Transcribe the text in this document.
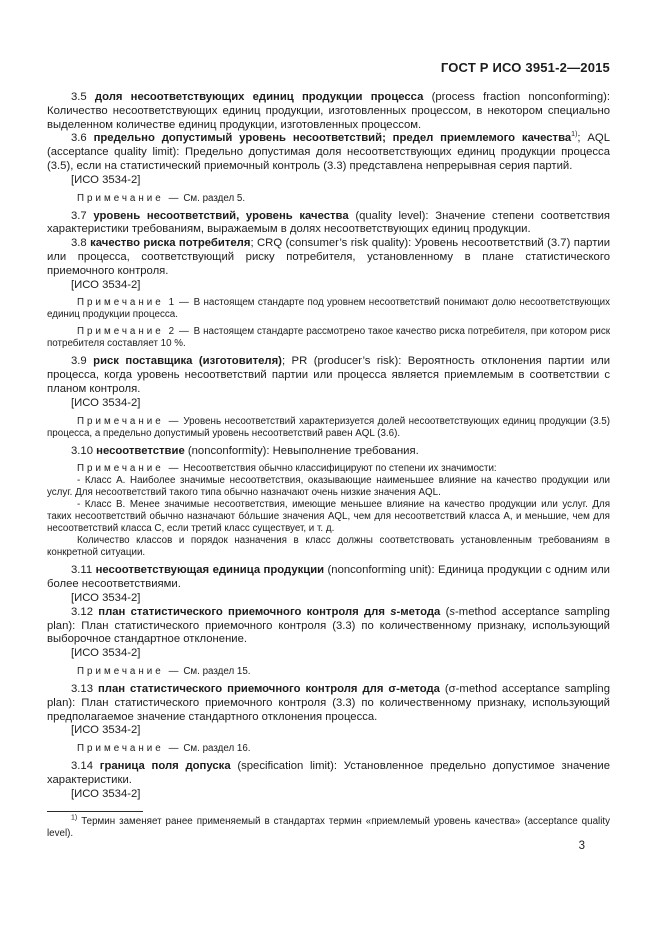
ГОСТ Р ИСО 3951-2—2015

3.5 доля несоответствующих единиц продукции процесса (process fraction nonconforming): Количество несоответствующих единиц продукции, изготовленных процессом, в некотором специально выделенном количестве единиц продукции, изготовленных процессом.

3.6 предельно допустимый уровень несоответствий; предел приемлемого качества$^{1)}$; AQL (acceptance quality limit): Предельно допустимая доля несоответствующих единиц продукции процесса (3.5), если на статистический приемочный контроль (3.3) представлена непрерывная серия партий.

[ИСО 3534-2]

Примечание — См. раздел 5.

3.7 уровень несоответствий, уровень качества (quality level): Значение степени соответствия характеристики требованиям, выражаемым в долях несоответствующих единиц продукции.

3.8 качество риска потребителя; CRQ (consumer’s risk quality): Уровень несоответствий (3.7) партии или процесса, соответствующий риску потребителя, установленному в плане статистического приемочного контроля.

[ИСО 3534-2]

Примечание 1 — В настоящем стандарте под уровнем несоответствий понимают долю несоответствующих единиц продукции процесса.

Примечание 2 — В настоящем стандарте рассмотрено такое качество риска потребителя, при котором риск потребителя составляет 10 %.

3.9 риск поставщика (изготовителя); PR (producer’s risk): Вероятность отклонения партии или процесса, когда уровень несоответствий партии или процесса является приемлемым в соответствии с планом контроля.

[ИСО 3534-2]

Примечание — Уровень несоответствий характеризуется долей несоответствующих единиц продукции (3.5) процесса, а предельно допустимый уровень несоответствий равен AQL (3.6).

3.10 несоответствие (nonconformity): Невыполнение требования.

Примечание — Несоответствия обычно классифицируют по степени их значимости:

- Класс А. Наиболее значимые несоответствия, оказывающие наименьшее влияние на качество продукции или услуг. Для несоответствий такого типа обычно назначают очень низкие значения AQL.

- Класс В. Менее значимые несоответствия, имеющие меньшее влияние на качество продукции или услуг. Для таких несоответствий обычно назначают бо́льшие значения AQL, чем для несоответствий класса А, и меньшие, чем для несоответствий класса С, если третий класс существует, и т. д.

Количество классов и порядок назначения в класс должны соответствовать установленным требованиям в конкретной ситуации.

3.11 несоответствующая единица продукции (nonconforming unit): Единица продукции с одним или более несоответствиями.

[ИСО 3534-2]

3.12 план статистического приемочного контроля для s-метода (s-method acceptance sampling plan): План статистического приемочного контроля (3.3) по количественному признаку, использующий выборочное стандартное отклонение.

[ИСО 3534-2]

Примечание — См. раздел 15.

3.13 план статистического приемочного контроля для σ-метода (σ-method acceptance sampling plan): План статистического приемочного контроля (3.3) по количественному признаку, использующий предполагаемое значение стандартного отклонения процесса.

[ИСО 3534-2]

Примечание — См. раздел 16.

3.14 граница поля допуска (specification limit): Установленное предельно допустимое значение характеристики.

[ИСО 3534-2]

$^{1)}$ Термин заменяет ранее применяемый в стандартах термин «приемлемый уровень качества» (acceptance quality level).

3
